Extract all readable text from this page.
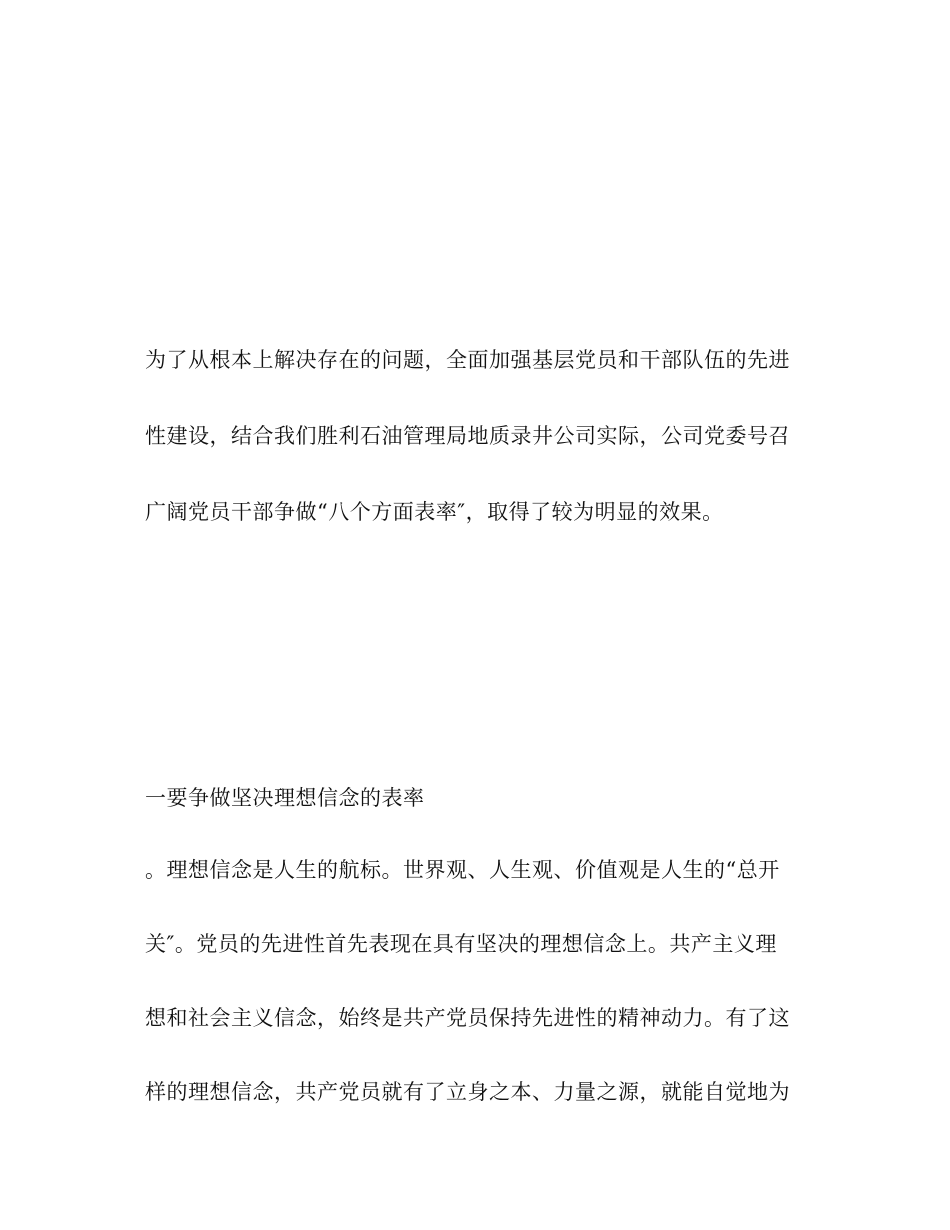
为了从根本上解决存在的问题，全面加强基层党员和干部队伍的先进
性建设，结合我们胜利石油管理局地质录井公司实际，公司党委号召
广阔党员干部争做“八个方面表率″，取得了较为明显的效果。
一要争做坚决理想信念的表率
。理想信念是人生的航标。世界观、人生观、价值观是人生的“总开
关″。党员的先进性首先表现在具有坚决的理想信念上。共产主义理
想和社会主义信念，始终是共产党员保持先进性的精神动力。有了这
样的理想信念，共产党员就有了立身之本、力量之源，就能自觉地为
